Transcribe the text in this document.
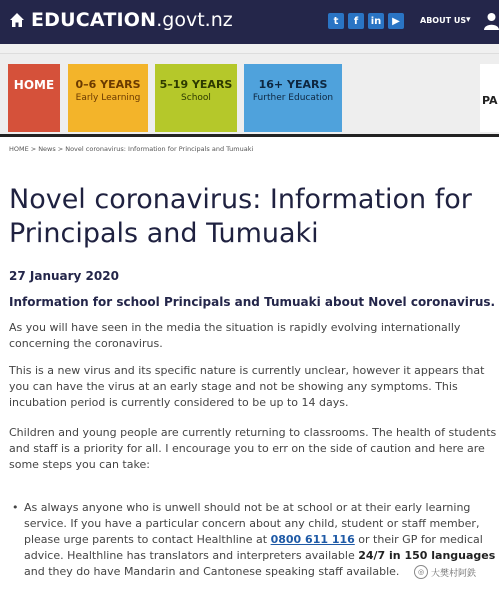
EDUCATION .govt.nz	t	f	in	▶	ABOUT US ▾
HOME	0–6 YEARS
Early Learning
5–19 YEARS
School
16+ YEARS
Further Education	PA
HOME > News > Novel coronavirus: Information for Principals and Tumuaki
Novel coronavirus: Information for Principals and Tumuaki
27 January 2020
Information for school Principals and Tumuaki about Novel coronavirus.

As you will have seen in the media the situation is rapidly evolving internationally concerning the coronavirus.

This is a new virus and its specific nature is currently unclear, however it appears that you can have the virus at an early stage and not be showing any symptoms. This incubation period is currently considered to be up to 14 days.

Children and young people are currently returning to classrooms. The health of students and staff is a priority for all. I encourage you to err on the side of caution and here are some steps you can take:

• As always anyone who is unwell should not be at school or at their early learning service. If you have a particular concern about any child, student or staff member, please urge parents to contact Healthline at 0800 611 116 or their GP for medical advice. Healthline has translators and interpreters available 24/7 in 150 languages and they do have Mandarin and Cantonese speaking staff available.	◎ 大樊村阿鉄
